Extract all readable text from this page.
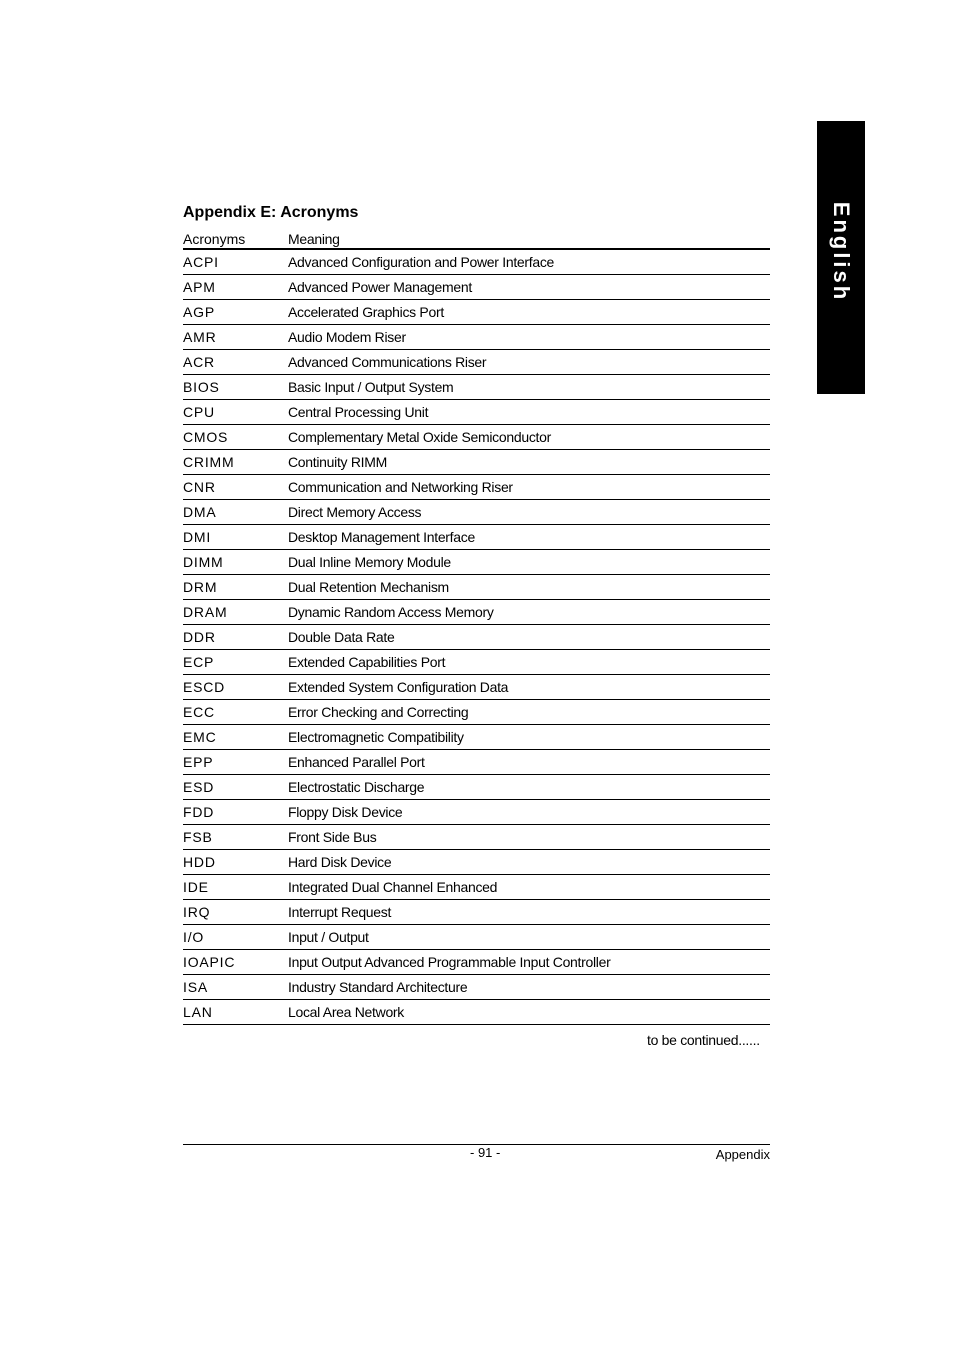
English
Appendix E: Acronyms
Acronyms	Meaning
ACPI	Advanced Configuration and Power Interface
APM	Advanced Power Management
AGP	Accelerated Graphics Port
AMR	Audio Modem Riser
ACR	Advanced Communications Riser
BIOS	Basic Input / Output System
CPU	Central Processing Unit
CMOS	Complementary Metal Oxide Semiconductor
CRIMM	Continuity RIMM
CNR	Communication and Networking Riser
DMA	Direct Memory Access
DMI	Desktop Management Interface
DIMM	Dual Inline Memory Module
DRM	Dual Retention Mechanism
DRAM	Dynamic Random Access Memory
DDR	Double Data Rate
ECP	Extended Capabilities Port
ESCD	Extended System Configuration Data
ECC	Error Checking and Correcting
EMC	Electromagnetic Compatibility
EPP	Enhanced Parallel Port
ESD	Electrostatic Discharge
FDD	Floppy Disk Device
FSB	Front Side Bus
HDD	Hard Disk Device
IDE	Integrated Dual Channel Enhanced
IRQ	Interrupt Request
I/O	Input / Output
IOAPIC	Input Output Advanced Programmable Input Controller
ISA	Industry Standard Architecture
LAN	Local Area Network
to be continued......
- 91 -	Appendix
